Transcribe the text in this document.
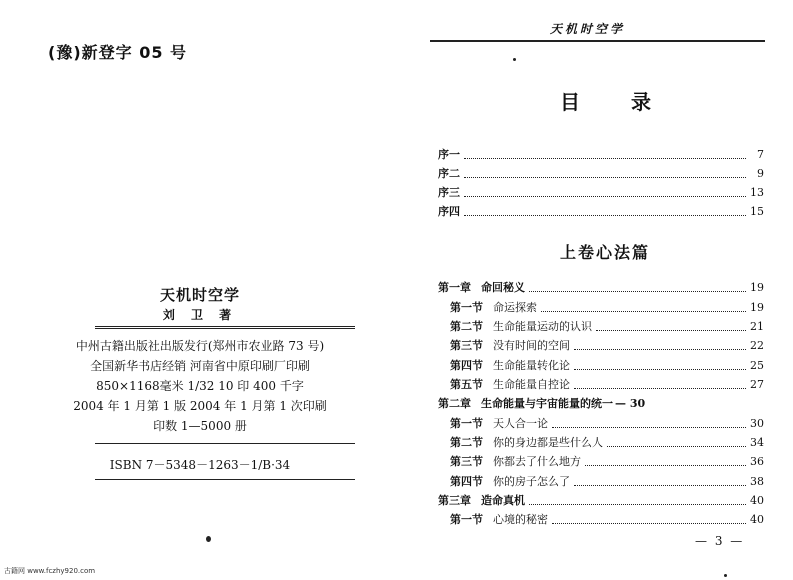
(豫)新登字 05 号
天机时空学
刘 卫 著
中州古籍出版社出版发行(郑州市农业路 73 号)
全国新华书店经销 河南省中原印刷厂印刷
850×1168毫米 1/32 10 印 400 千字
2004 年 1 月第 1 版 2004 年 1 月第 1 次印刷
印数 1—5000 册
ISBN 7－5348－1263－1/B·34
天机时空学
目 录
序一	7
序二	9
序三	13
序四	15
上卷心法篇
第一章 命回秘义	19
第一节 命运探索	19
第二节 生命能量运动的认识	21
第三节 没有时间的空间	22
第四节 生命能量转化论	25
第五节 生命能量自控论	27
第二章 生命能量与宇宙能量的统一 — 30
第一节 天人合一论	30
第二节 你的身边都是些什么人	34
第三节 你都去了什么地方	36
第四节 你的房子怎么了	38
第三章 造命真机	40
第一节 心境的秘密	40
— 3 —
古籍网 www.fczhy920.com
